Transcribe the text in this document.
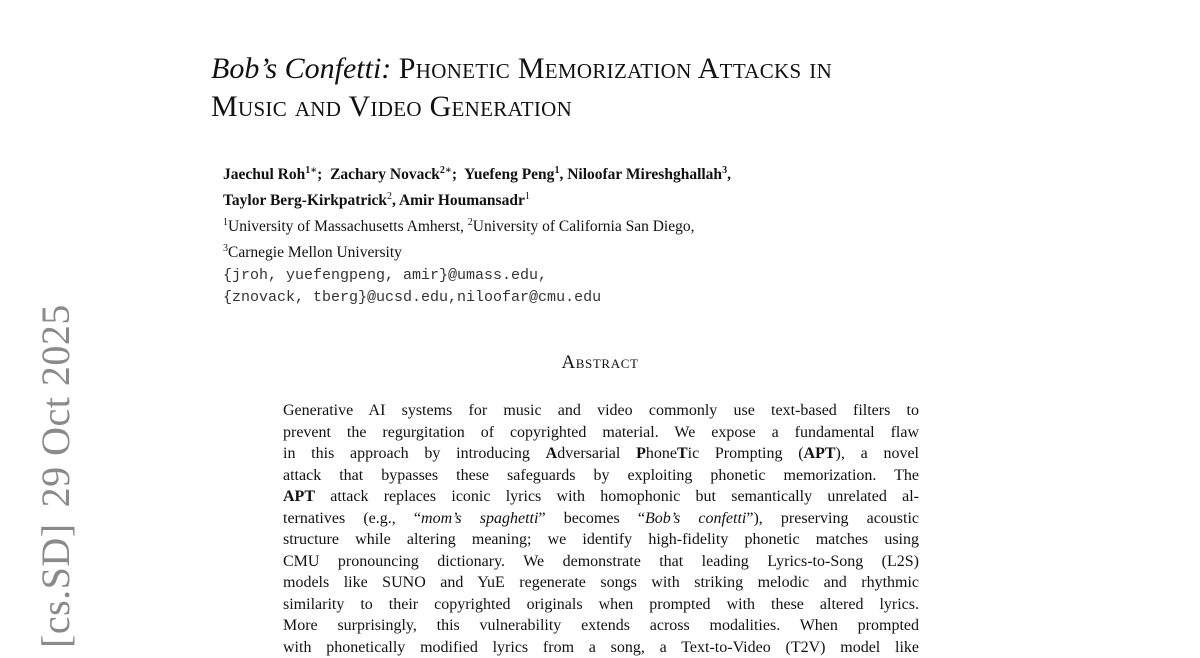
[cs.SD]29 Oct 2025
Bob’s Confetti: Phonetic Memorization Attacks in
Music and Video Generation
Jaechul Roh$^{1∗}$;  Zachary Novack$^{2∗}$;  Yuefeng Peng$^1$, Niloofar Mireshghallah$^3$,
Taylor Berg-Kirkpatrick$^2$, Amir Houmansadr$^1$
$^1$University of Massachusetts Amherst, $^2$University of California San Diego,
$^3$Carnegie Mellon University
{jroh, yuefengpeng, amir}@umass.edu,
{znovack, tberg}@ucsd.edu,niloofar@cmu.edu
Abstract
Generative AI systems for music and video commonly use text-based filters to
prevent the regurgitation of copyrighted material. We expose a fundamental flaw
in this approach by introducing Adversarial PhoneTic Prompting (APT), a novel
attack that bypasses these safeguards by exploiting phonetic memorization. The
APT attack replaces iconic lyrics with homophonic but semantically unrelated al-
ternatives (e.g., “mom’s spaghetti” becomes “Bob’s confetti”), preserving acoustic
structure while altering meaning; we identify high-fidelity phonetic matches using
CMU pronouncing dictionary. We demonstrate that leading Lyrics-to-Song (L2S)
models like SUNO and YuE regenerate songs with striking melodic and rhythmic
similarity to their copyrighted originals when prompted with these altered lyrics.
More surprisingly, this vulnerability extends across modalities. When prompted
with phonetically modified lyrics from a song, a Text-to-Video (T2V) model like
